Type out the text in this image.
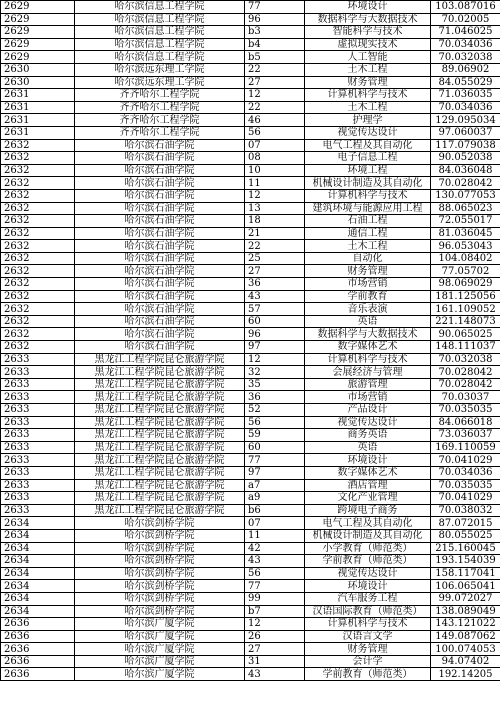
2629	哈尔滨信息工程学院	77	环境设计	103.087016
2629	哈尔滨信息工程学院	96	数据科学与大数据技术	70.02005
2629	哈尔滨信息工程学院	b3	智能科学与技术	71.046025
2629	哈尔滨信息工程学院	b4	虚拟现实技术	70.034036
2629	哈尔滨信息工程学院	b5	人工智能	70.032038
2630	哈尔滨远东理工学院	22	土木工程	89.06902
2630	哈尔滨远东理工学院	27	财务管理	84.055029
2631	齐齐哈尔工程学院	12	计算机科学与技术	71.036035
2631	齐齐哈尔工程学院	22	土木工程	70.034036
2631	齐齐哈尔工程学院	46	护理学	129.095034
2631	齐齐哈尔工程学院	56	视觉传达设计	97.060037
2632	哈尔滨石油学院	07	电气工程及其自动化	117.079038
2632	哈尔滨石油学院	08	电子信息工程	90.052038
2632	哈尔滨石油学院	10	环境工程	84.036048
2632	哈尔滨石油学院	11	机械设计制造及其自动化	70.028042
2632	哈尔滨石油学院	12	计算机科学与技术	130.077053
2632	哈尔滨石油学院	13	建筑环境与能源应用工程	88.065023
2632	哈尔滨石油学院	18	石油工程	72.055017
2632	哈尔滨石油学院	21	通信工程	81.036045
2632	哈尔滨石油学院	22	土木工程	96.053043
2632	哈尔滨石油学院	25	自动化	104.08402
2632	哈尔滨石油学院	27	财务管理	77.05702
2632	哈尔滨石油学院	36	市场营销	98.069029
2632	哈尔滨石油学院	43	学前教育	181.125056
2632	哈尔滨石油学院	57	音乐表演	161.109052
2632	哈尔滨石油学院	60	英语	221.148073
2632	哈尔滨石油学院	96	数据科学与大数据技术	90.065025
2632	哈尔滨石油学院	97	数字媒体艺术	148.111037
2633	黑龙江工程学院昆仑旅游学院	12	计算机科学与技术	70.032038
2633	黑龙江工程学院昆仑旅游学院	32	会展经济与管理	70.028042
2633	黑龙江工程学院昆仑旅游学院	35	旅游管理	70.028042
2633	黑龙江工程学院昆仑旅游学院	36	市场营销	70.03037
2633	黑龙江工程学院昆仑旅游学院	52	产品设计	70.035035
2633	黑龙江工程学院昆仑旅游学院	56	视觉传达设计	84.066018
2633	黑龙江工程学院昆仑旅游学院	59	商务英语	73.036037
2633	黑龙江工程学院昆仑旅游学院	60	英语	169.110059
2633	黑龙江工程学院昆仑旅游学院	77	环境设计	70.041029
2633	黑龙江工程学院昆仑旅游学院	97	数字媒体艺术	70.034036
2633	黑龙江工程学院昆仑旅游学院	a7	酒店管理	70.035035
2633	黑龙江工程学院昆仑旅游学院	a9	文化产业管理	70.041029
2633	黑龙江工程学院昆仑旅游学院	b6	跨境电子商务	70.038032
2634	哈尔滨剑桥学院	07	电气工程及其自动化	87.072015
2634	哈尔滨剑桥学院	11	机械设计制造及其自动化	80.055025
2634	哈尔滨剑桥学院	42	小学教育（师范类）	215.160045
2634	哈尔滨剑桥学院	43	学前教育（师范类）	193.154039
2634	哈尔滨剑桥学院	56	视觉传达设计	158.117041
2634	哈尔滨剑桥学院	77	环境设计	106.065041
2634	哈尔滨剑桥学院	99	汽车服务工程	99.072027
2634	哈尔滨剑桥学院	b7	汉语国际教育（师范类）	138.089049
2636	哈尔滨广厦学院	12	计算机科学与技术	143.121022
2636	哈尔滨广厦学院	26	汉语言文学	149.087062
2636	哈尔滨广厦学院	27	财务管理	100.074053
2636	哈尔滨广厦学院	31	会计学	94.07402
2636	哈尔滨广厦学院	43	学前教育（师范类）	192.14205
